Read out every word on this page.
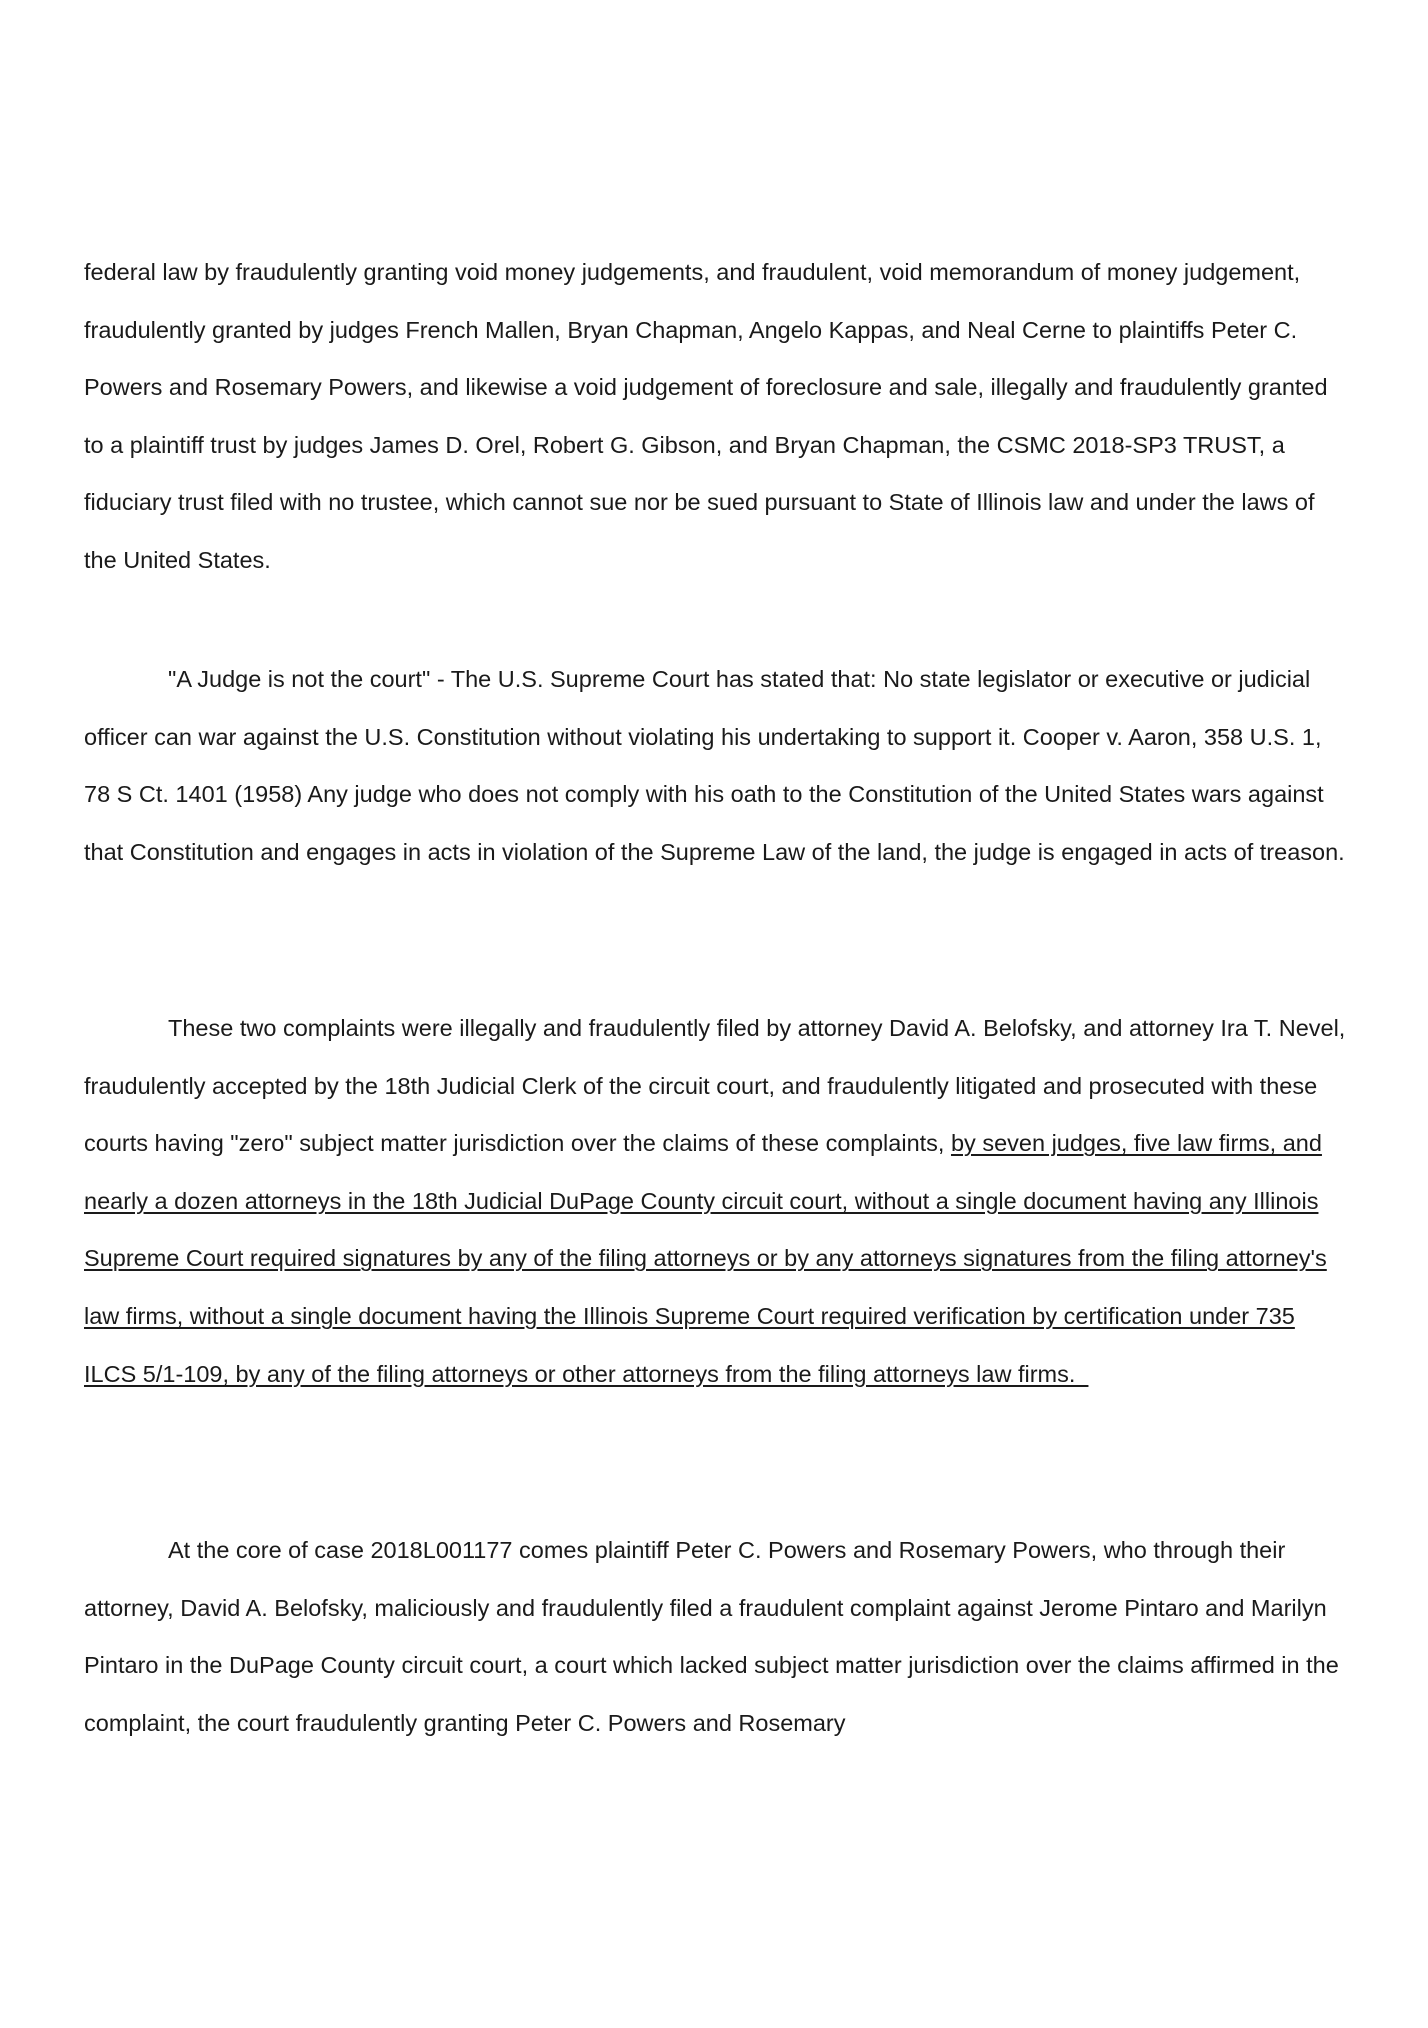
federal law by fraudulently granting void money judgements, and fraudulent, void memorandum of money judgement, fraudulently granted by judges French Mallen, Bryan Chapman, Angelo Kappas, and Neal Cerne to plaintiffs Peter C. Powers and Rosemary Powers, and likewise a void judgement of foreclosure and sale, illegally and fraudulently granted to a plaintiff trust by judges James D. Orel, Robert G. Gibson, and Bryan Chapman, the CSMC 2018-SP3 TRUST, a fiduciary trust filed with no trustee, which cannot sue nor be sued pursuant to State of Illinois law and under the laws of the United States.

"A Judge is not the court" - The U.S. Supreme Court has stated that: No state legislator or executive or judicial officer can war against the U.S. Constitution without violating his undertaking to support it. Cooper v. Aaron, 358 U.S. 1, 78 S Ct. 1401 (1958) Any judge who does not comply with his oath to the Constitution of the United States wars against that Constitution and engages in acts in violation of the Supreme Law of the land, the judge is engaged in acts of treason.

These two complaints were illegally and fraudulently filed by attorney David A. Belofsky, and attorney Ira T. Nevel, fraudulently accepted by the 18th Judicial Clerk of the circuit court, and fraudulently litigated and prosecuted with these courts having "zero" subject matter jurisdiction over the claims of these complaints, by seven judges, five law firms, and nearly a dozen attorneys in the 18th Judicial DuPage County circuit court, without a single document having any Illinois Supreme Court required signatures by any of the filing attorneys or by any attorneys signatures from the filing attorney's law firms, without a single document having the Illinois Supreme Court required verification by certification under 735 ILCS 5/1-109, by any of the filing attorneys or other attorneys from the filing attorneys law firms.

At the core of case 2018L001177 comes plaintiff Peter C. Powers and Rosemary Powers, who through their attorney, David A. Belofsky, maliciously and fraudulently filed a fraudulent complaint against Jerome Pintaro and Marilyn Pintaro in the DuPage County circuit court, a court which lacked subject matter jurisdiction over the claims affirmed in the complaint, the court fraudulently granting Peter C. Powers and Rosemary
